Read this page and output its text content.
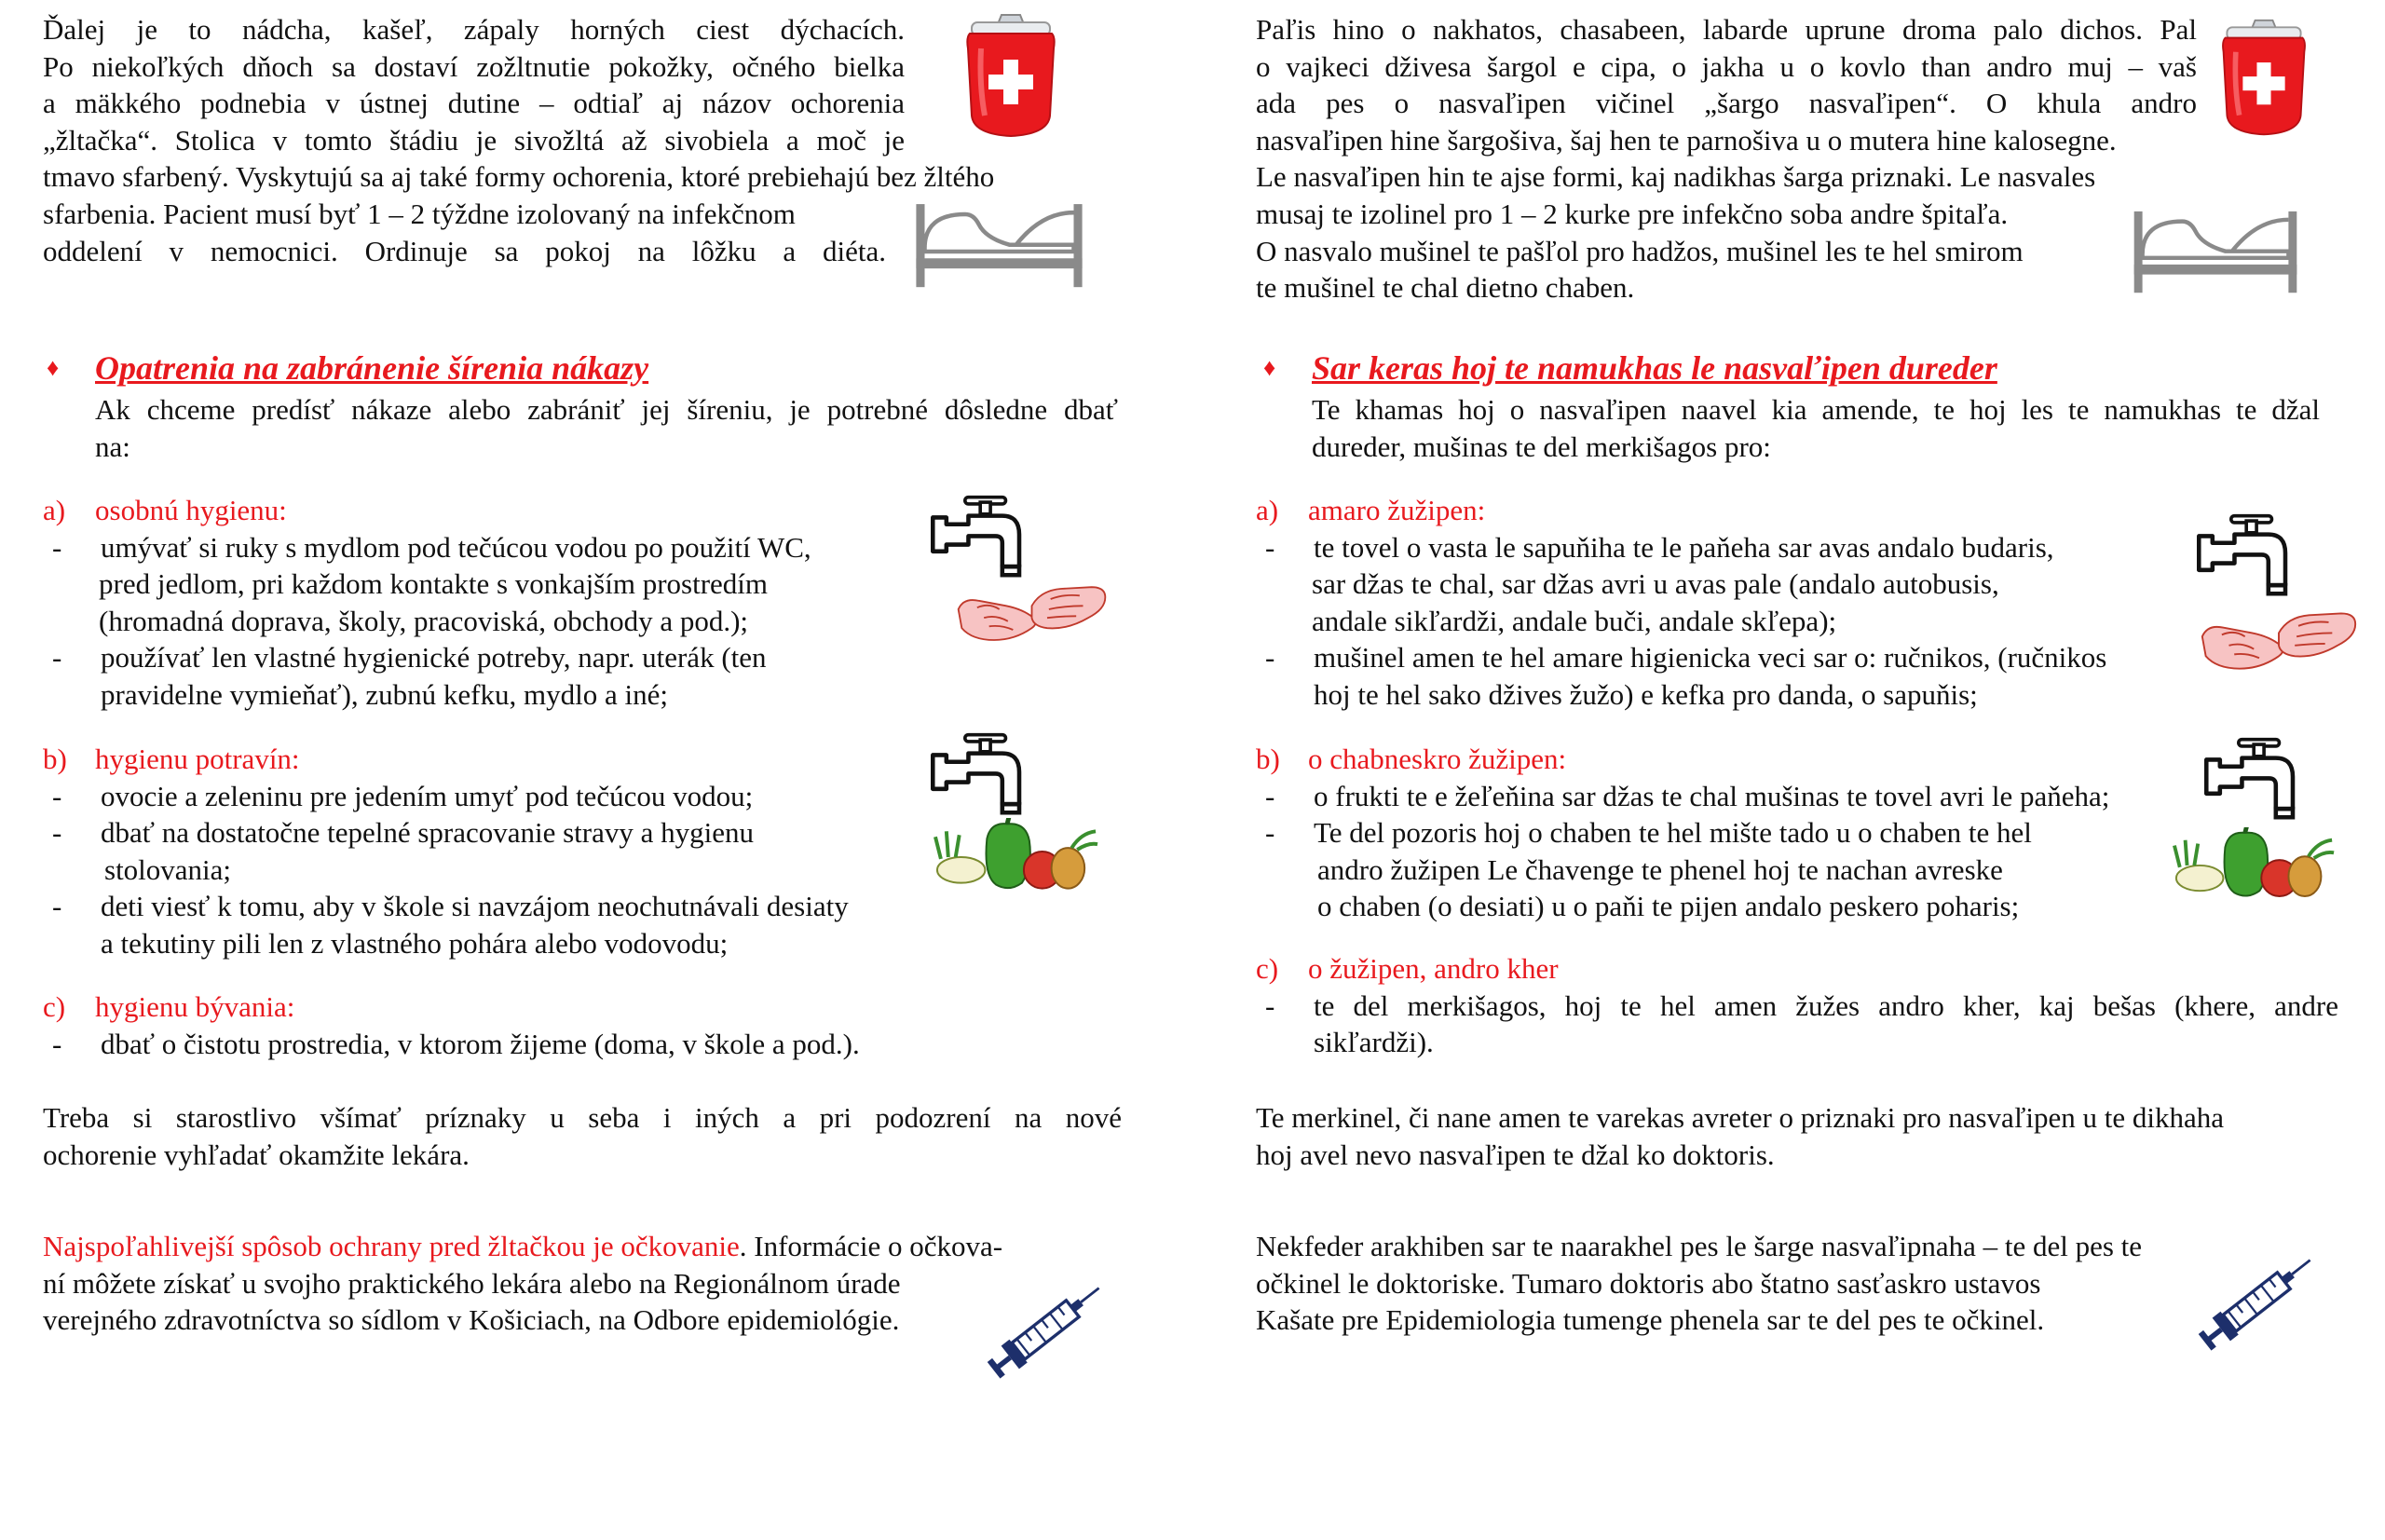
Ďalej je to nádcha, kašeľ, zápaly horných ciest dýchacích.

Po niekoľkých dňoch sa dostaví zožltnutie pokožky, očného bielka

a mäkkého podnebia v ústnej dutine – odtiaľ aj názov ochorenia

„žltačka“. Stolica v tomto štádiu je sivožltá až sivobiela a moč je

tmavo sfarbený. Vyskytujú sa aj také formy ochorenia, ktoré prebiehajú bez žltého

sfarbenia. Pacient musí byť 1 – 2 týždne izolovaný na infekčnom

oddelení v nemocnici. Ordinuje sa pokoj na lôžku a diéta.

♦ Opatrenia na zabránenie šírenia nákazy

Ak chceme predísť nákaze alebo zabrániť jej šíreniu, je potrebné dôsledne dbať

na:

a) osobnú hygienu:

- umývať si ruky s mydlom pod tečúcou vodou po použití WC,

pred jedlom, pri každom kontakte s vonkajším prostredím

(hromadná doprava, školy, pracoviská, obchody a pod.);

- používať len vlastné hygienické potreby, napr. uterák (ten

pravidelne vymieňať), zubnú kefku, mydlo a iné;

b) hygienu potravín:

- ovocie a zeleninu pre jedením umyť pod tečúcou vodou;

- dbať na dostatočne tepelné spracovanie stravy a hygienu

stolovania;

- deti viesť k tomu, aby v škole si navzájom neochutnávali desiaty

a tekutiny pili len z vlastného pohára alebo vodovodu;

c) hygienu bývania:

- dbať o čistotu prostredia, v ktorom žijeme (doma, v škole a pod.).

Treba si starostlivo všímať príznaky u seba i iných a pri podozrení na nové

ochorenie vyhľadať okamžite lekára.

Najspoľahlivejší spôsob ochrany pred žltačkou je očkovanie. Informácie o očkova-

ní môžete získať u svojho praktického lekára alebo na Regionálnom úrade

verejného zdravotníctva so sídlom v Košiciach, na Odbore epidemiológie.

Paľis hino o nakhatos, chasabeen, labarde uprune droma palo dichos. Pal

o vajkeci dživesa šargol e cipa, o jakha u o kovlo than andro muj – vaš

ada pes o nasvaľipen vičinel „šargo nasvaľipen“. O khula andro

nasvaľipen hine šargošiva, šaj hen te parnošiva u o mutera hine kalosegne.

Le nasvaľipen hin te ajse formi, kaj nadikhas šarga priznaki. Le nasvales

musaj te izolinel pro 1 – 2 kurke pre infekčno soba andre špitaľa.

O nasvalo mušinel te pašľol pro hadžos, mušinel les te hel smirom

te mušinel te chal dietno chaben.

♦ Sar keras hoj te namukhas le nasvaľipen dureder

Te khamas hoj o nasvaľipen naavel kia amende, te hoj les te namukhas te džal

dureder, mušinas te del merkišagos pro:

a) amaro žužipen:

- te tovel o vasta le sapuňiha te le paňeha sar avas andalo budaris,

sar džas te chal, sar džas avri u avas pale (andalo autobusis,

andale sikľardži, andale buči, andale skľepa);

- mušinel amen te hel amare higienicka veci sar o: ručnikos, (ručnikos

hoj te hel sako džives žužo) e kefka pro danda, o sapuňis;

b) o chabneskro žužipen:

- o frukti te e žeľeňina sar džas te chal mušinas te tovel avri le paňeha;

- Te del pozoris hoj o chaben te hel mište tado u o chaben te hel

andro žužipen Le čhavenge te phenel hoj te nachan avreske

o chaben (o desiati) u o paňi te pijen andalo peskero poharis;

c) o žužipen, andro kher

- te del merkišagos, hoj te hel amen žužes andro kher, kaj bešas (khere, andre

sikľardži).

Te merkinel, či nane amen te varekas avreter o priznaki pro nasvaľipen u te dikhaha

hoj avel nevo nasvaľipen te džal ko doktoris.

Nekfeder arakhiben sar te naarakhel pes le šarge nasvaľipnaha – te del pes te

očkinel le doktoriske. Tumaro doktoris abo štatno sasťaskro ustavos

Kašate pre Epidemiologia tumenge phenela sar te del pes te očkinel.
